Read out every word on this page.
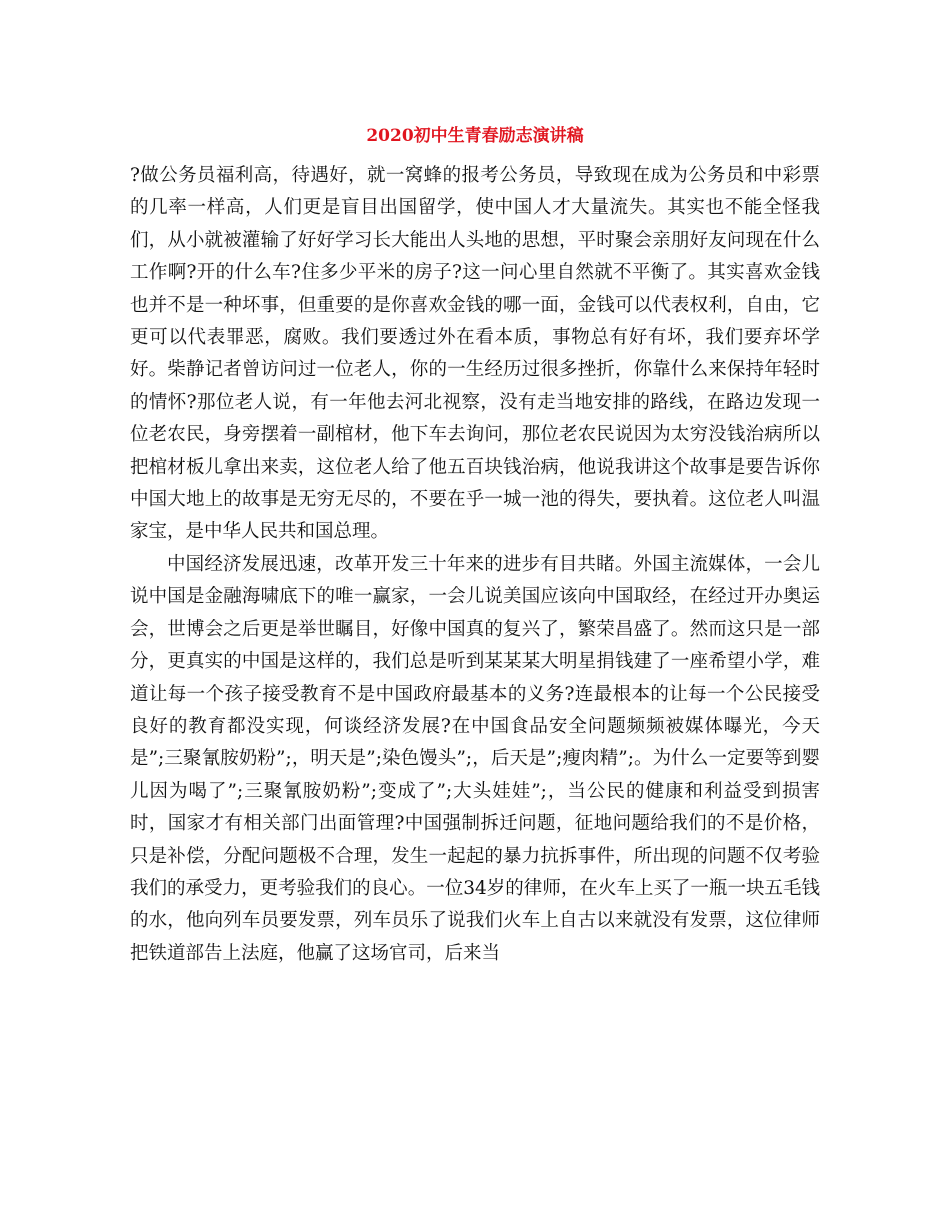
2020初中生青春励志演讲稿

?做公务员福利高，待遇好，就一窝蜂的报考公务员，导致现在成为公务员和中彩票的几率一样高，人们更是盲目出国留学，使中国人才大量流失。其实也不能全怪我们，从小就被灌输了好好学习长大能出人头地的思想，平时聚会亲朋好友问现在什么工作啊?开的什么车?住多少平米的房子?这一问心里自然就不平衡了。其实喜欢金钱也并不是一种坏事，但重要的是你喜欢金钱的哪一面，金钱可以代表权利，自由，它更可以代表罪恶，腐败。我们要透过外在看本质，事物总有好有坏，我们要弃坏学好。柴静记者曾访问过一位老人，你的一生经历过很多挫折，你靠什么来保持年轻时的情怀?那位老人说，有一年他去河北视察，没有走当地安排的路线，在路边发现一位老农民，身旁摆着一副棺材，他下车去询问，那位老农民说因为太穷没钱治病所以把棺材板儿拿出来卖，这位老人给了他五百块钱治病，他说我讲这个故事是要告诉你中国大地上的故事是无穷无尽的，不要在乎一城一池的得失，要执着。这位老人叫温家宝，是中华人民共和国总理。

中国经济发展迅速，改革开发三十年来的进步有目共睹。外国主流媒体，一会儿说中国是金融海啸底下的唯一赢家，一会儿说美国应该向中国取经，在经过开办奥运会，世博会之后更是举世瞩目，好像中国真的复兴了，繁荣昌盛了。然而这只是一部分，更真实的中国是这样的，我们总是听到某某某大明星捐钱建了一座希望小学，难道让每一个孩子接受教育不是中国政府最基本的义务?连最根本的让每一个公民接受良好的教育都没实现，何谈经济发展?在中国食品安全问题频频被媒体曝光，今天是”;三聚氰胺奶粉”;，明天是”;染色馒头”;，后天是”;瘦肉精”;。为什么一定要等到婴儿因为喝了”;三聚氰胺奶粉”;变成了”;大头娃娃”;，当公民的健康和利益受到损害时，国家才有相关部门出面管理?中国强制拆迁问题，征地问题给我们的不是价格，只是补偿，分配问题极不合理，发生一起起的暴力抗拆事件，所出现的问题不仅考验我们的承受力，更考验我们的良心。一位34岁的律师，在火车上买了一瓶一块五毛钱的水，他向列车员要发票，列车员乐了说我们火车上自古以来就没有发票，这位律师把铁道部告上法庭，他赢了这场官司，后来当
